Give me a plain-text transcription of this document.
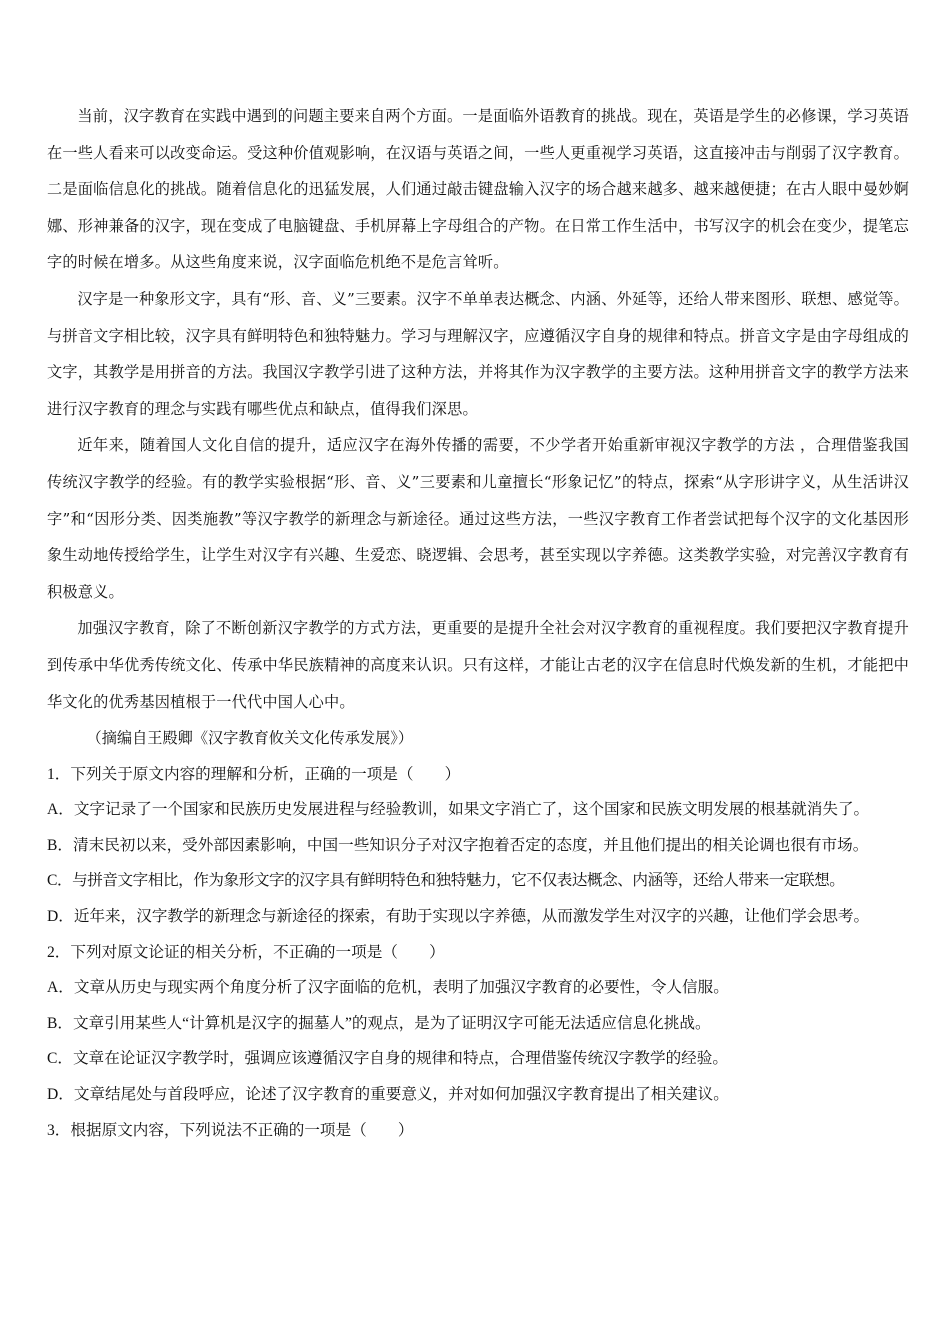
当前，汉字教育在实践中遇到的问题主要来自两个方面。一是面临外语教育的挑战。现在，英语是学生的必修课，学习英语在一些人看来可以改变命运。受这种价值观影响，在汉语与英语之间，一些人更重视学习英语，这直接冲击与削弱了汉字教育。二是面临信息化的挑战。随着信息化的迅猛发展，人们通过敲击键盘输入汉字的场合越来越多、越来越便捷；在古人眼中曼妙婀娜、形神兼备的汉字，现在变成了电脑键盘、手机屏幕上字母组合的产物。在日常工作生活中，书写汉字的机会在变少，提笔忘字的时候在增多。从这些角度来说，汉字面临危机绝不是危言耸听。

汉字是一种象形文字，具有“形、音、义”三要素。汉字不单单表达概念、内涵、外延等，还给人带来图形、联想、感觉等。与拼音文字相比较，汉字具有鲜明特色和独特魅力。学习与理解汉字，应遵循汉字自身的规律和特点。拼音文字是由字母组成的文字，其教学是用拼音的方法。我国汉字教学引进了这种方法，并将其作为汉字教学的主要方法。这种用拼音文字的教学方法来进行汉字教育的理念与实践有哪些优点和缺点，值得我们深思。

近年来，随着国人文化自信的提升，适应汉字在海外传播的需要，不少学者开始重新审视汉字教学的方法 ，合理借鉴我国传统汉字教学的经验。有的教学实验根据“形、音、义”三要素和儿童擅长“形象记忆”的特点，探索“从字形讲字义，从生活讲汉字”和“因形分类、因类施教”等汉字教学的新理念与新途径。通过这些方法，一些汉字教育工作者尝试把每个汉字的文化基因形象生动地传授给学生，让学生对汉字有兴趣、生爱恋、晓逻辑、会思考，甚至实现以字养德。这类教学实验，对完善汉字教育有积极意义。

加强汉字教育，除了不断创新汉字教学的方式方法，更重要的是提升全社会对汉字教育的重视程度。我们要把汉字教育提升到传承中华优秀传统文化、传承中华民族精神的高度来认识。只有这样，才能让古老的汉字在信息时代焕发新的生机，才能把中华文化的优秀基因植根于一代代中国人心中。

（摘编自王殿卿《汉字教育攸关文化传承发展》）

1．下列关于原文内容的理解和分析，正确的一项是（　　）

A．文字记录了一个国家和民族历史发展进程与经验教训，如果文字消亡了，这个国家和民族文明发展的根基就消失了。

B．清末民初以来，受外部因素影响，中国一些知识分子对汉字抱着否定的态度，并且他们提出的相关论调也很有市场。

C．与拼音文字相比，作为象形文字的汉字具有鲜明特色和独特魅力，它不仅表达概念、内涵等，还给人带来一定联想。

D．近年来，汉字教学的新理念与新途径的探索，有助于实现以字养德，从而激发学生对汉字的兴趣，让他们学会思考。

2．下列对原文论证的相关分析，不正确的一项是（　　）

A．文章从历史与现实两个角度分析了汉字面临的危机，表明了加强汉字教育的必要性，令人信服。

B．文章引用某些人“计算机是汉字的掘墓人”的观点，是为了证明汉字可能无法适应信息化挑战。

C．文章在论证汉字教学时，强调应该遵循汉字自身的规律和特点，合理借鉴传统汉字教学的经验。

D．文章结尾处与首段呼应，论述了汉字教育的重要意义，并对如何加强汉字教育提出了相关建议。

3．根据原文内容，下列说法不正确的一项是（　　）
